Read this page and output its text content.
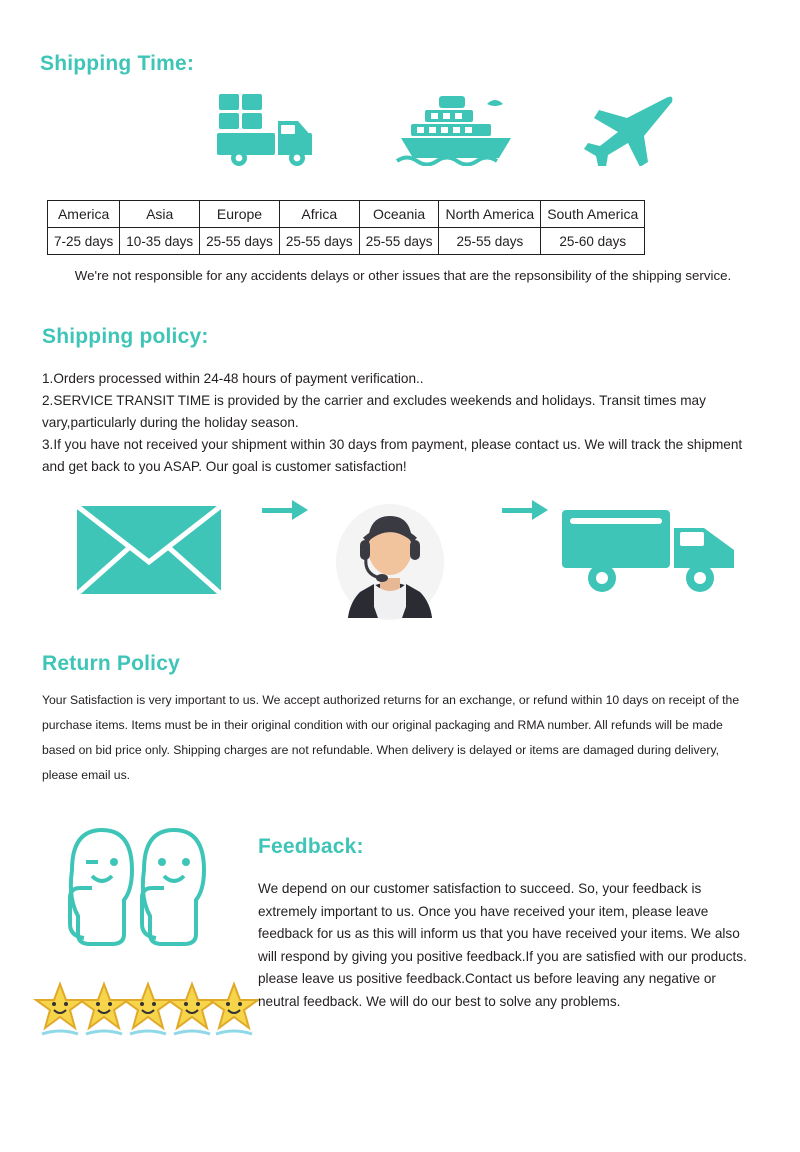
Shipping Time:
America	Asia	Europe	Africa	Oceania	North America	South America
7-25 days	10-35 days	25-55 days	25-55 days	25-55 days	25-55 days	25-60 days
We're not responsible for any accidents delays or other issues that are the repsonsibility of the shipping service.
Shipping policy:

1.Orders processed within 24-48 hours of payment verification..

2.SERVICE TRANSIT TIME is provided by the carrier and excludes weekends and holidays. Transit times may vary,particularly during the holiday season.

3.If you have not received your shipment within 30 days from payment, please contact us. We will track the shipment and get back to you ASAP. Our goal is customer satisfaction!

Return Policy
Your Satisfaction is very important to us. We accept authorized returns for an exchange, or refund within 10 days on receipt of the purchase items. Items must be in their original condition with our original packaging and RMA number. All refunds will be made based on bid price only. Shipping charges are not refundable. When delivery is delayed or items are damaged during delivery, please email us.
Feedback:
We depend on our customer satisfaction to succeed. So, your feedback is extremely important to us. Once you have received your item, please leave feedback for us as this will inform us that you have received your items. We also will respond by giving you positive feedback.If you are satisfied with our products. please leave us positive feedback.Contact us before leaving any negative or neutral feedback. We will do our best to solve any problems.
